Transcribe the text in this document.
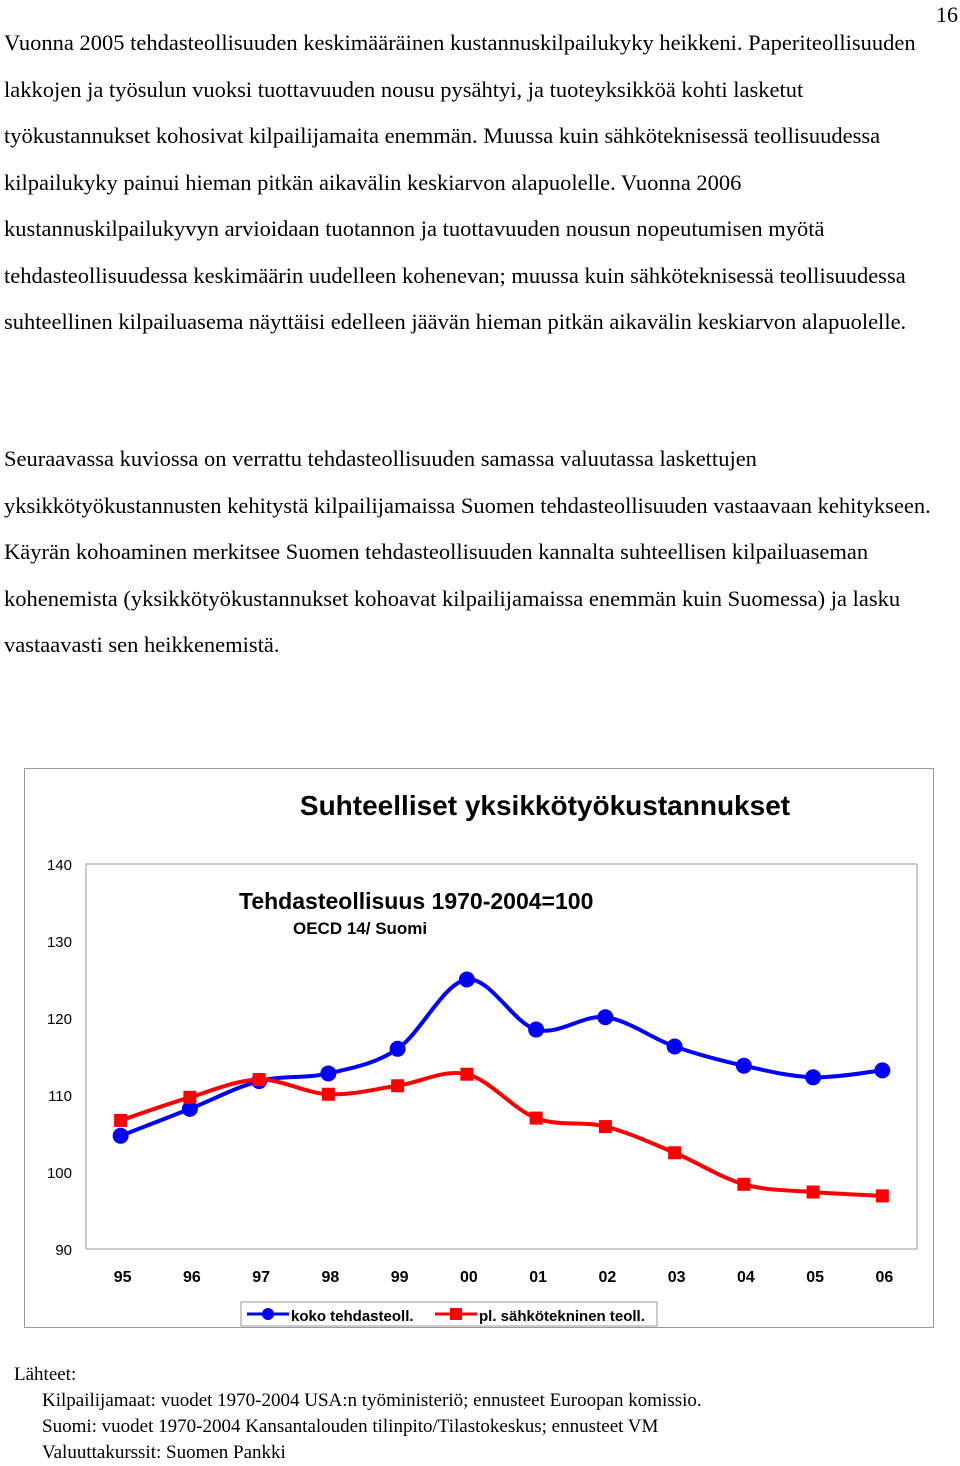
16

Vuonna 2005 tehdasteollisuuden keskimääräinen kustannuskilpailukyky heikkeni. Paperiteollisuuden lakkojen ja työsulun vuoksi tuottavuuden nousu pysähtyi, ja tuoteyksikköä kohti lasketut työkustannukset kohosivat kilpailijamaita enemmän. Muussa kuin sähköteknisessä teollisuudessa kilpailukyky painui hieman pitkän aikavälin keskiarvon alapuolelle. Vuonna 2006 kustannuskilpailukyvyn arvioidaan tuotannon ja tuottavuuden nousun nopeutumisen myötä tehdasteollisuudessa keskimäärin uudelleen kohenevan; muussa kuin sähköteknisessä teollisuudessa suhteellinen kilpailuasema näyttäisi edelleen jäävän hieman pitkän aikavälin keskiarvon alapuolelle.

Seuraavassa kuviossa on verrattu tehdasteollisuuden samassa valuutassa laskettujen yksikkötyökustannusten kehitystä kilpailijamaissa Suomen tehdasteollisuuden vastaavaan kehitykseen. Käyrän kohoaminen merkitsee Suomen tehdasteollisuuden kannalta suhteellisen kilpailuaseman kohenemista (yksikkötyökustannukset kohoavat kilpailijamaissa enemmän kuin Suomessa) ja lasku vastaavasti sen heikkenemistä.

Suhteelliset yksikkötyökustannukset
Tehdasteollisuus 1970-2004=100
OECD 14/ Suomi
90
100
110
120
130
140
95	96	97	98	99	00	01	02	03	04	05	06
koko tehdasteoll.	pl. sähkötekninen teoll.
Lähteet:
Kilpailijamaat: vuodet 1970-2004 USA:n työministeriö; ennusteet Euroopan komissio.
Suomi: vuodet 1970-2004 Kansantalouden tilinpito/Tilastokeskus; ennusteet VM
Valuuttakurssit: Suomen Pankki
